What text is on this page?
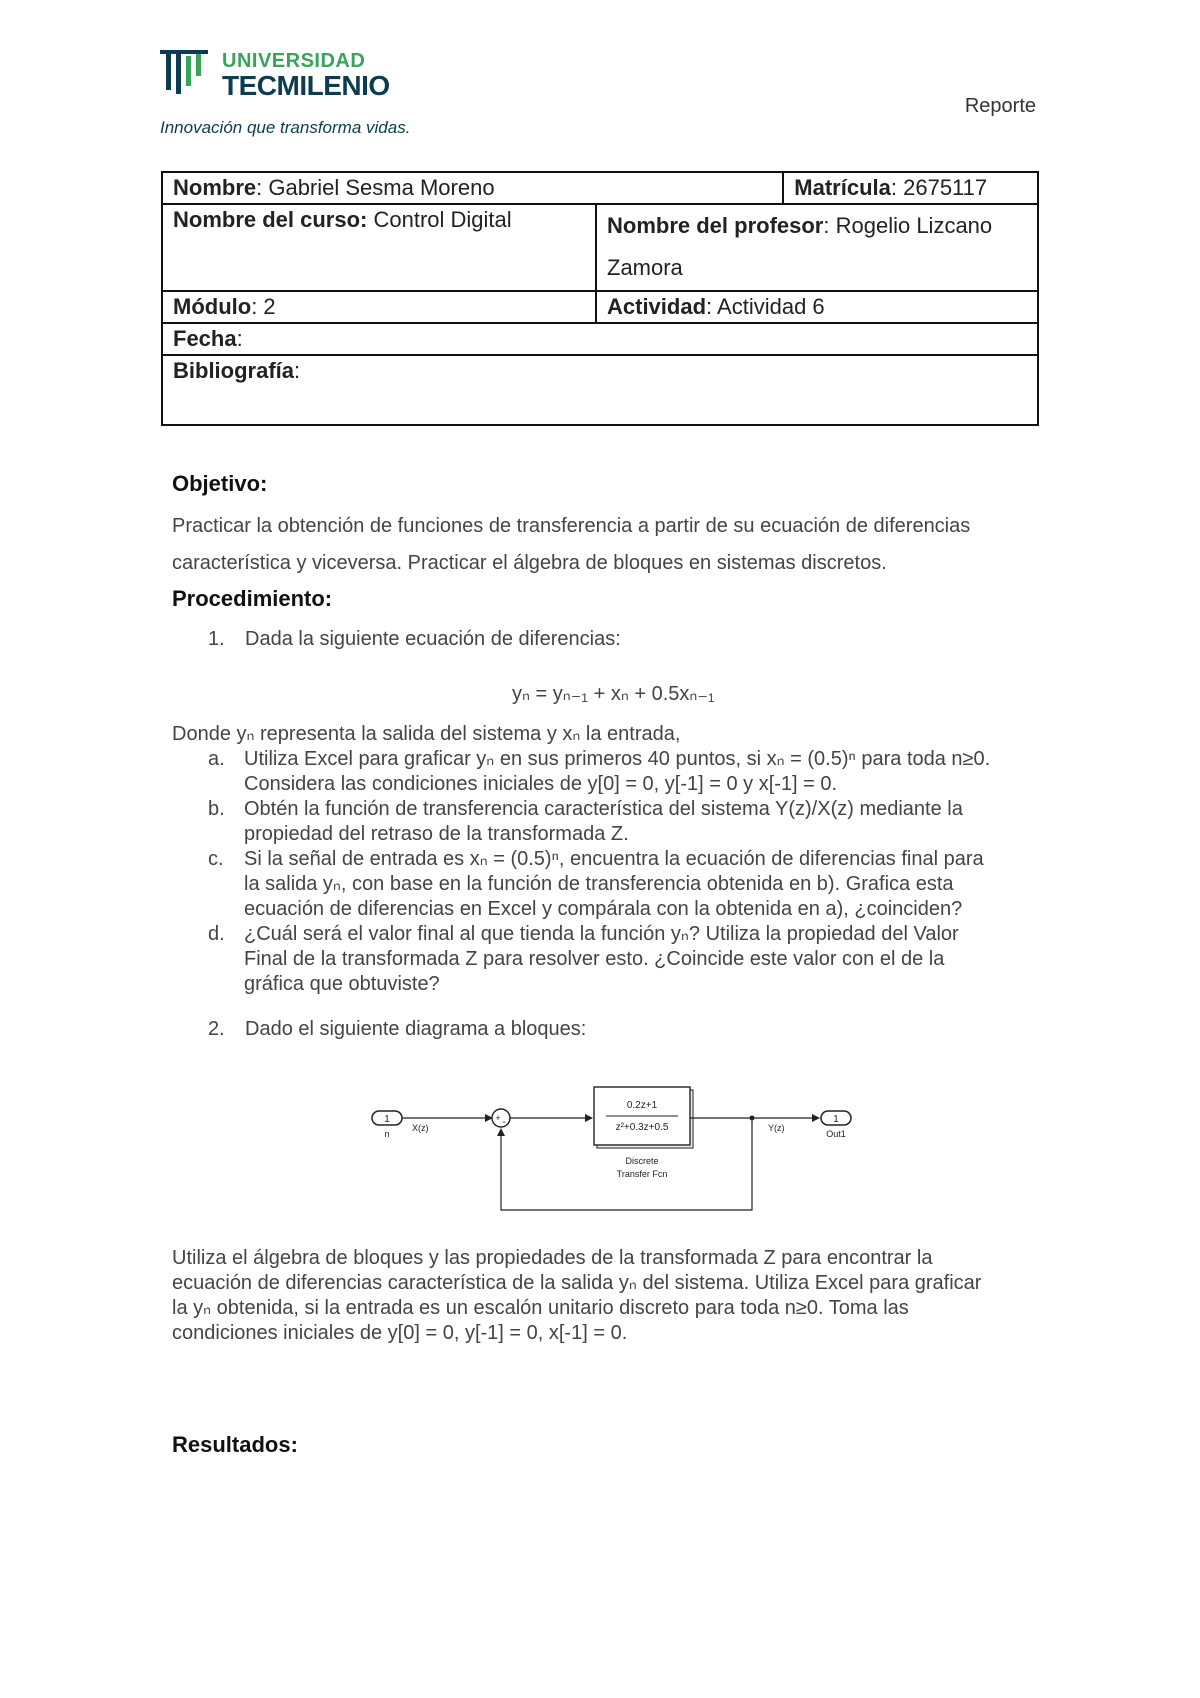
UNIVERSIDAD
TECMILENIO
Innovación que transforma vidas.
Reporte
Nombre: Gabriel Sesma Moreno		Matrícula: 2675117
Nombre del curso: Control Digital	Nombre del profesor: Rogelio Lizcano Zamora	

Módulo: 2	Actividad: Actividad 6	
Fecha:		
Bibliografía:		
Objetivo:
Practicar la obtención de funciones de transferencia a partir de su ecuación de diferencias
característica y viceversa. Practicar el álgebra de bloques en sistemas discretos.
Procedimiento:
1. Dada la siguiente ecuación de diferencias:
yₙ = yₙ₋₁ + xₙ + 0.5xₙ₋₁
Donde yₙ representa la salida del sistema y xₙ la entrada,
a. Utiliza Excel para graficar yₙ en sus primeros 40 puntos, si xₙ = (0.5)ⁿ para toda n≥0.
Considera las condiciones iniciales de y[0] = 0, y[-1] = 0 y x[-1] = 0.
b. Obtén la función de transferencia característica del sistema Y(z)/X(z) mediante la
propiedad del retraso de la transformada Z.
c.	Si la señal de entrada es xₙ = (0.5)ⁿ, encuentra la ecuación de diferencias final para
la salida yₙ, con base en la función de transferencia obtenida en b). Grafica esta
ecuación de diferencias en Excel y compárala con la obtenida en a), ¿coinciden?
d. ¿Cuál será el valor final al que tienda la función yₙ? Utiliza la propiedad del Valor
Final de la transformada Z para resolver esto. ¿Coincide este valor con el de la
gráfica que obtuviste?
2. Dado el siguiente diagrama a bloques:
1
n
X(z)
+ -
0.2z+1
z²+0.3z+0.5
Discrete
Transfer Fcn
Y(z)
1
Out1
Utiliza el álgebra de bloques y las propiedades de la transformada Z para encontrar la
ecuación de diferencias característica de la salida yₙ del sistema. Utiliza Excel para graficar
la yₙ obtenida, si la entrada es un escalón unitario discreto para toda n≥0. Toma las
condiciones iniciales de y[0] = 0, y[-1] = 0, x[-1] = 0.
Resultados:
